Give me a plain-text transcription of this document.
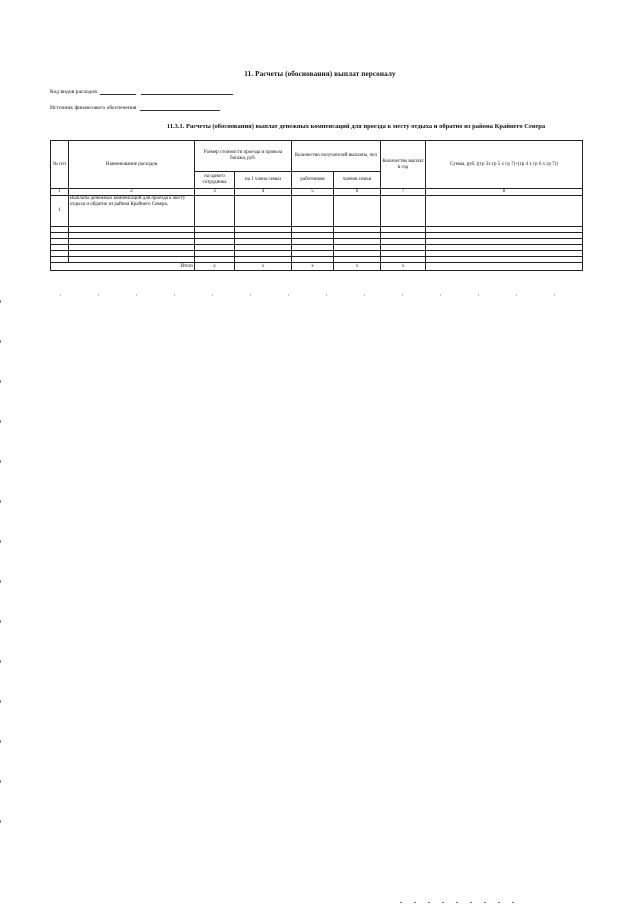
11. Расчеты (обоснования) выплат персоналу
Код видов расходов
Источник финансового обеспечения
11.3.1. Расчеты (обоснования) выплат денежных компенсаций для проезда к месту отдыха и обратно из района Крайнего Севера
№ п/п	Наименование расходов	Размер стоимости проезда и провоза багажа, руб.		Количество получателей выплаты, чел		Количество выплат в год	Сумма, руб. ((гр 3х гр 5 х гр 7)+(гр 4 х гр 6 х гр 7))
		на одного сотрудника	на 1 члена семьи	работников	членов семьи		
1	2	3	4	5	6	7	8
1	Выплаты денежных компенсаций для проезда к месту отдыха и обратно из района Крайнего Севера.						

Итого		х	х	х	х	х	
